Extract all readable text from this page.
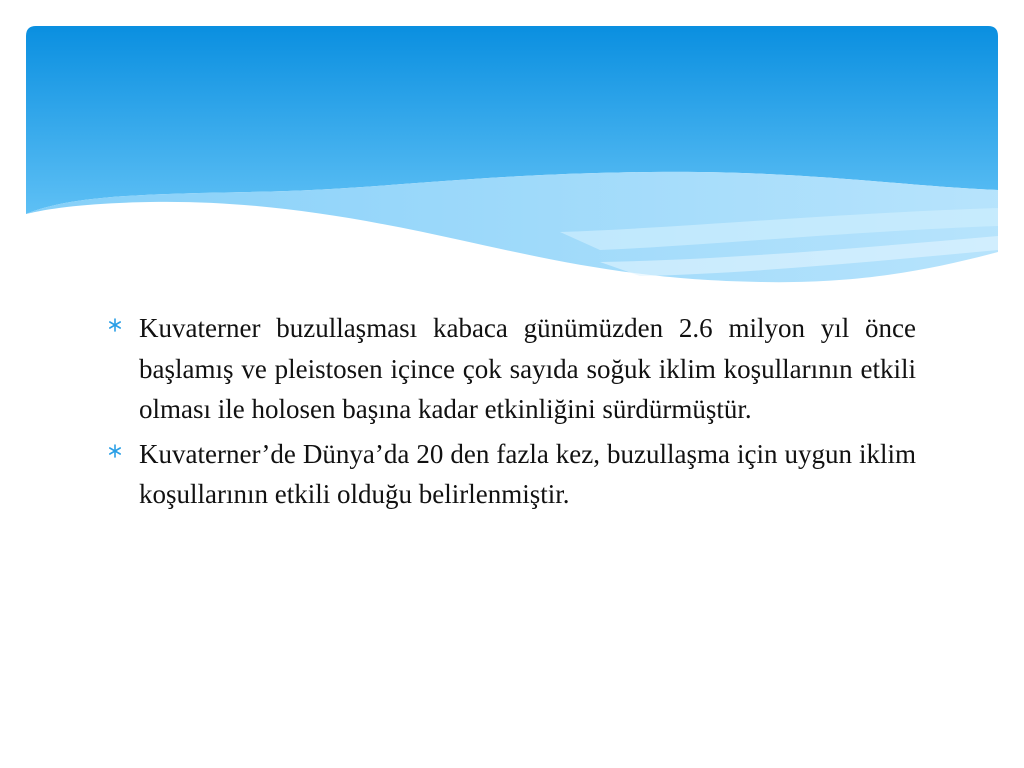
Kuvaterner buzullaşması kabaca günümüzden 2.6 milyon yıl önce başlamış ve pleistosen içince çok sayıda soğuk iklim koşullarının etkili olması ile holosen başına kadar etkinliğini sürdürmüştür.
Kuvaterner’de Dünya’da 20 den fazla kez, buzullaşma için uygun iklim koşullarının etkili olduğu belirlenmiştir.
